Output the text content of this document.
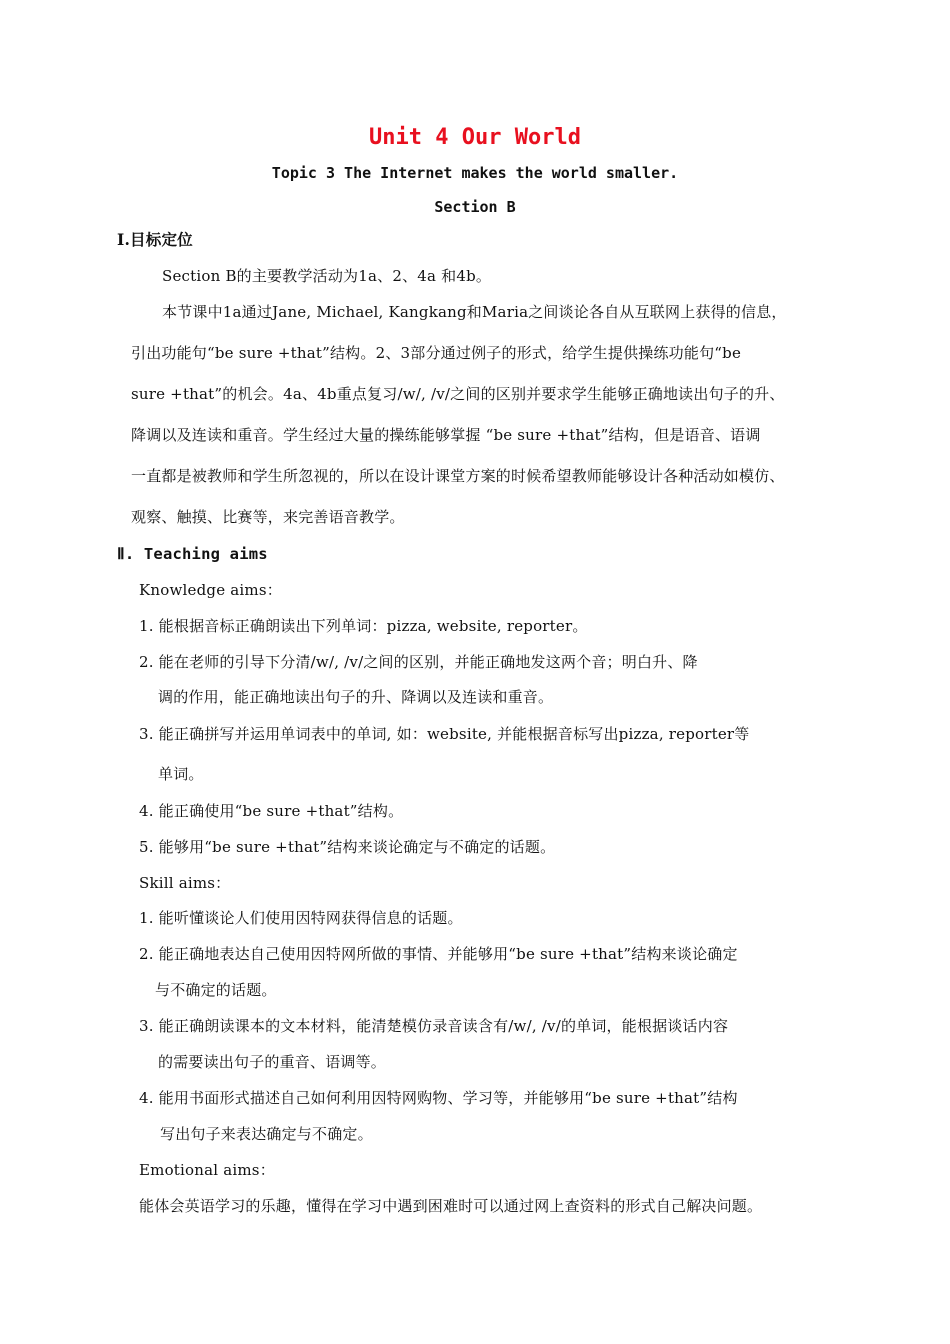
Unit 4 Our World
Topic 3 The Internet makes the world smaller.
Section B
Ⅰ.目标定位
Section B的主要教学活动为1a、2、4a 和4b。
本节课中1a通过Jane, Michael, Kangkang和Maria之间谈论各自从互联网上获得的信息，
引出功能句“be sure +that”结构。2、3部分通过例子的形式，给学生提供操练功能句“be
sure +that”的机会。4a、4b重点复习/w/, /v/之间的区别并要求学生能够正确地读出句子的升、
降调以及连读和重音。学生经过大量的操练能够掌握 “be sure +that”结构，但是语音、语调
一直都是被教师和学生所忽视的，所以在设计课堂方案的时候希望教师能够设计各种活动如模仿、
观察、触摸、比赛等，来完善语音教学。
Ⅱ. Teaching aims
Knowledge aims：
1. 能根据音标正确朗读出下列单词：pizza, website, reporter。
2. 能在老师的引导下分清/w/, /v/之间的区别，并能正确地发这两个音；明白升、降
调的作用，能正确地读出句子的升、降调以及连读和重音。
3. 能正确拼写并运用单词表中的单词, 如：website, 并能根据音标写出pizza, reporter等
单词。
4. 能正确使用“be sure +that”结构。
5. 能够用“be sure +that”结构来谈论确定与不确定的话题。
Skill aims：
1. 能听懂谈论人们使用因特网获得信息的话题。
2. 能正确地表达自己使用因特网所做的事情、并能够用“be sure +that”结构来谈论确定
与不确定的话题。
3. 能正确朗读课本的文本材料，能清楚模仿录音读含有/w/, /v/的单词，能根据谈话内容
的需要读出句子的重音、语调等。
4. 能用书面形式描述自己如何利用因特网购物、学习等，并能够用“be sure +that”结构
写出句子来表达确定与不确定。
Emotional aims：
能体会英语学习的乐趣，懂得在学习中遇到困难时可以通过网上查资料的形式自己解决问题。
